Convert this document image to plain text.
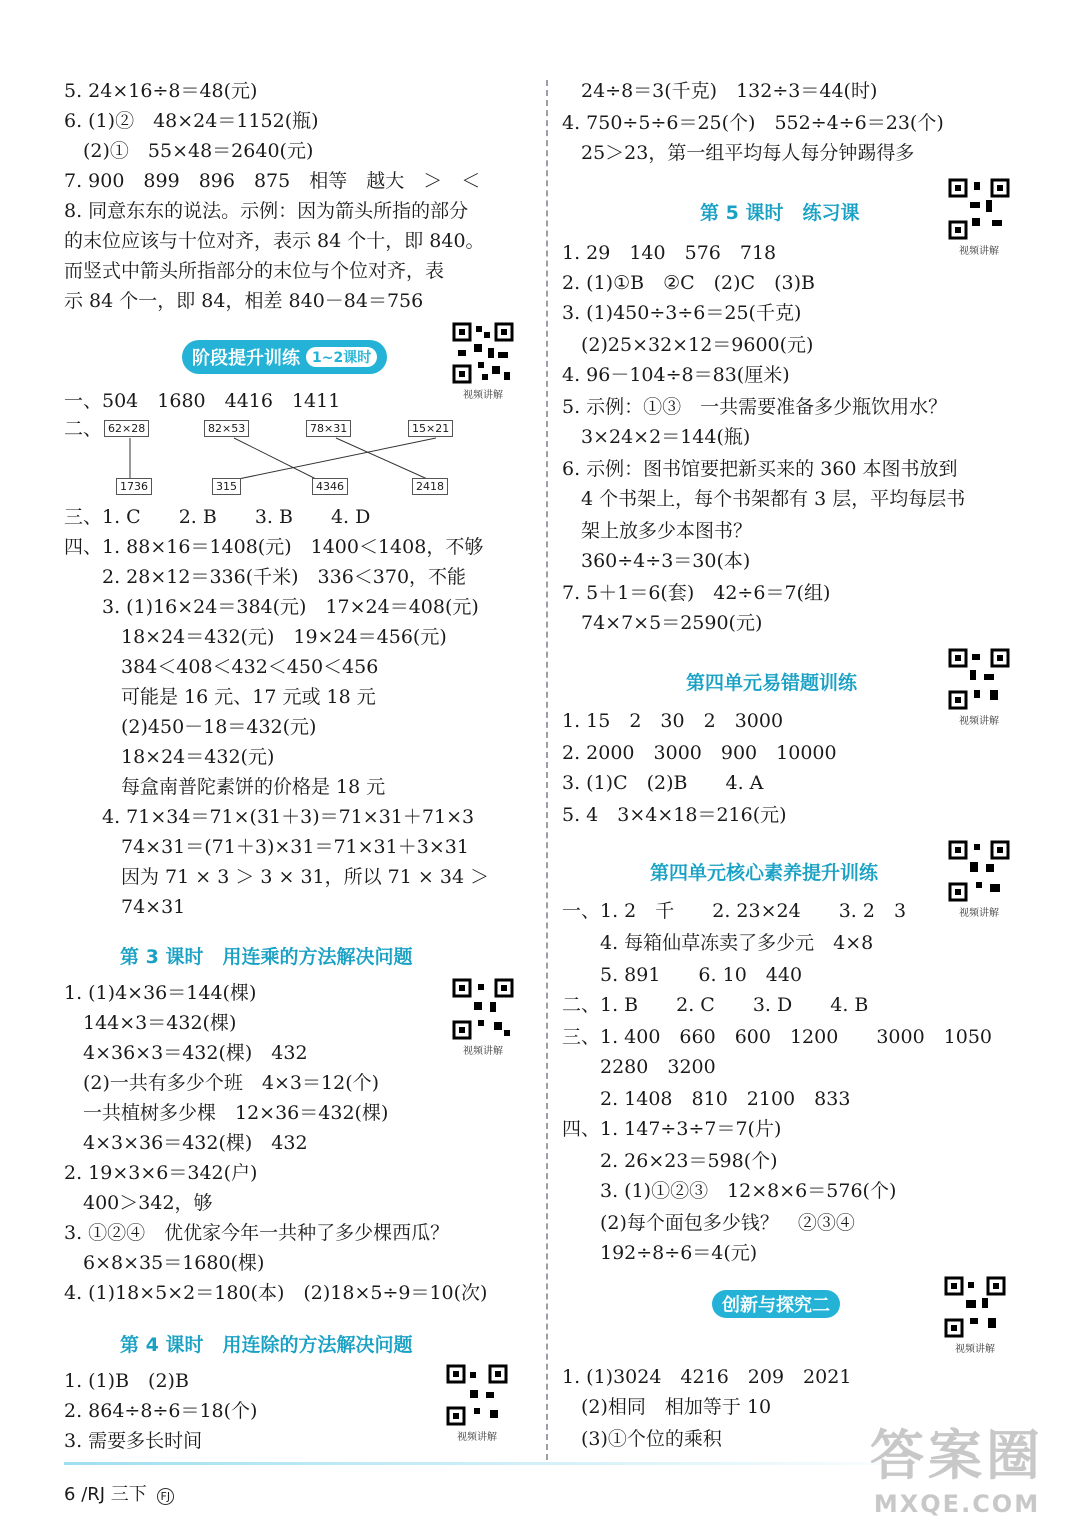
5. 24×16÷8＝48(元)
6. (1)②　48×24＝1152(瓶)
　(2)①　55×48＝2640(元)
7. 900　899　896　875　相等　越大　＞　＜
8. 同意东东的说法。示例：因为箭头所指的部分
的末位应该与十位对齐，表示 84 个十，即 840。
而竖式中箭头所指部分的末位与个位对齐，表
示 84 个一，即 84，相差 840－84＝756
阶段提升训练 1~2课时
视频讲解
一、504　1680　4416　1411
二、 62×28	82×53	78×31	15×21
1736	315	4346	2418
三、1. C　　2. B　　3. B　　4. D
四、1. 88×16＝1408(元)　1400＜1408，不够
　　2. 28×12＝336(千米)　336＜370，不能
　　3. (1)16×24＝384(元)　17×24＝408(元)
　　　18×24＝432(元)　19×24＝456(元)
　　　384＜408＜432＜450＜456
　　　可能是 16 元、17 元或 18 元
　　　(2)450－18＝432(元)
　　　18×24＝432(元)
　　　每盒南普陀素饼的价格是 18 元
　　4. 71×34＝71×(31＋3)＝71×31＋71×3
　　　74×31＝(71＋3)×31＝71×31＋3×31
　　　因为 71 × 3 ＞ 3 × 31，所以 71 × 34 ＞
　　　74×31
第 3 课时　用连乘的方法解决问题
视频讲解
1. (1)4×36＝144(棵)
　144×3＝432(棵)
　4×36×3＝432(棵)　432
　(2)一共有多少个班　4×3＝12(个)
　一共植树多少棵　12×36＝432(棵)
　4×3×36＝432(棵)　432
2. 19×3×6＝342(户)
　400＞342，够
3. ①②④　优优家今年一共种了多少棵西瓜？
　6×8×35＝1680(棵)
4. (1)18×5×2＝180(本)　(2)18×5÷9＝10(次)
第 4 课时　用连除的方法解决问题
视频讲解
1. (1)B　(2)B
2. 864÷8÷6＝18(个)
3. 需要多长时间
　24÷8＝3(千克)　132÷3＝44(时)
4. 750÷5÷6＝25(个)　552÷4÷6＝23(个)
　25＞23，第一组平均每人每分钟踢得多
第 5 课时　练习课
视频讲解
1. 29　140　576　718
2. (1)①B　②C　(2)C　(3)B
3. (1)450÷3÷6＝25(千克)
　(2)25×32×12＝9600(元)
4. 96－104÷8＝83(厘米)
5. 示例：①③　一共需要准备多少瓶饮用水？
　3×24×2＝144(瓶)
6. 示例：图书馆要把新买来的 360 本图书放到
　4 个书架上，每个书架都有 3 层，平均每层书
　架上放多少本图书？
　360÷4÷3＝30(本)
7. 5＋1＝6(套)　42÷6＝7(组)
　74×7×5＝2590(元)
第四单元易错题训练
视频讲解
1. 15　2　30　2　3000
2. 2000　3000　900　10000
3. (1)C　(2)B　　4. A
5. 4　3×4×18＝216(元)
第四单元核心素养提升训练
视频讲解
一、1. 2　千　　2. 23×24　　3. 2　3
　　4. 每箱仙草冻卖了多少元　4×8
　　5. 891　　6. 10　440
二、1. B　　2. C　　3. D　　4. B
三、1. 400　660　600　1200　　3000　1050
　　2280　3200
　　2. 1408　810　2100　833
四、1. 147÷3÷7＝7(片)
　　2. 26×23＝598(个)
　　3. (1)①②③　12×8×6＝576(个)
　　(2)每个面包多少钱？　②③④
　　192÷8÷6＝4(元)
创新与探究二
视频讲解
1. (1)3024　4216　209　2021
　(2)相同　相加等于 10
　(3)①个位的乘积
6 /RJ 三下 FJ
答案圈
MXQE.COM
